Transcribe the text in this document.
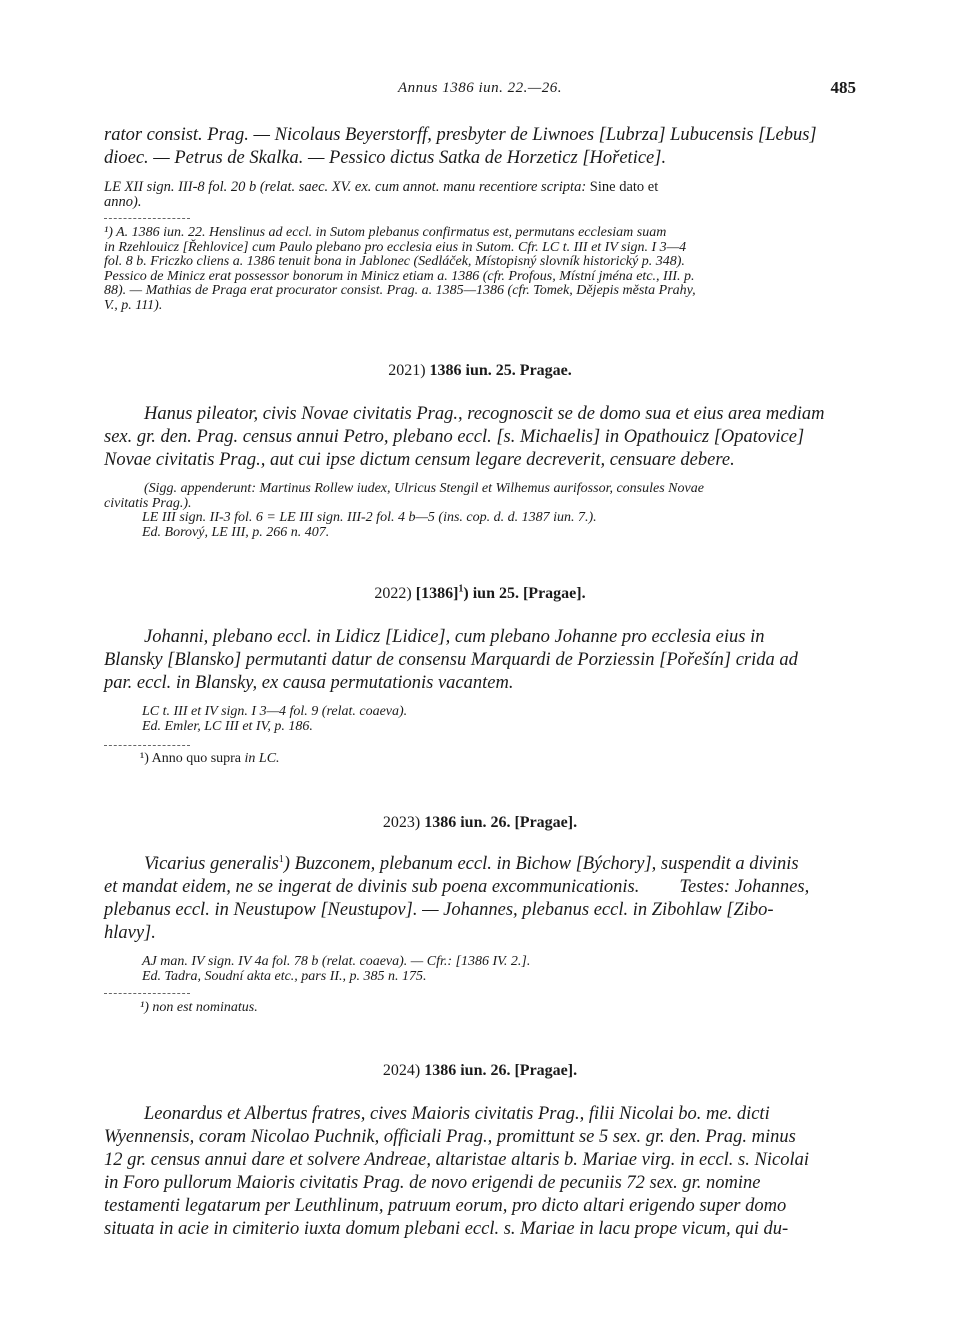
Annus 1386 iun. 22.—26.	485

rator consist. Prag. — Nicolaus Beyerstorff, presbyter de Liwnoes [Lubrza] Lubucensis [Lebus]
dioec. — Petrus de Skalka. — Pessico dictus Satka de Horzeticz [Hořetice].

LE XII sign. III-8 fol. 20 b (relat. saec. XV. ex. cum annot. manu recentiore scripta: Sine dato et
anno).

¹) A. 1386 iun. 22. Henslinus ad eccl. in Sutom plebanus confirmatus est, permutans ecclesiam suam
in Rzehlouicz [Řehlovice] cum Paulo plebano pro ecclesia eius in Sutom. Cfr. LC t. III et IV sign. I 3—4
fol. 8 b. Friczko cliens a. 1386 tenuit bona in Jablonec (Sedláček, Místopisný slovník historický p. 348).
Pessico de Minicz erat possessor bonorum in Minicz etiam a. 1386 (cfr. Profous, Místní jména etc., III. p.
88). — Mathias de Praga erat procurator consist. Prag. a. 1385—1386 (cfr. Tomek, Dějepis města Prahy,
V., p. 111).

2021) 1386 iun. 25. Pragae.

Hanus pileator, civis Novae civitatis Prag., recognoscit se de domo sua et eius area mediam
sex. gr. den. Prag. census annui Petro, plebano eccl. [s. Michaelis] in Opathouicz [Opatovice]
Novae civitatis Prag., aut cui ipse dictum censum legare decreverit, censuare debere.

(Sigg. appenderunt: Martinus Rollew iudex, Ulricus Stengil et Wilhemus aurifossor, consules Novae
civitatis Prag.).
LE III sign. II-3 fol. 6 = LE III sign. III-2 fol. 4 b—5 (ins. cop. d. d. 1387 iun. 7.).
Ed. Borový, LE III, p. 266 n. 407.

2022) $[1386]^1$) iun 25. [Pragae].

Johanni, plebano eccl. in Lidicz [Lidice], cum plebano Johanne pro ecclesia eius in
Blansky [Blansko] permutanti datur de consensu Marquardi de Porziessin [Pořešín] crida ad
par. eccl. in Blansky, ex causa permutationis vacantem.

LC t. III et IV sign. I 3—4 fol. 9 (relat. coaeva).
Ed. Emler, LC III et IV, p. 186.

¹) Anno quo supra in LC.

2023) 1386 iun. 26. [Pragae].

Vicarius generalis$^1$) Buzconem, plebanum eccl. in Bichow [Býchory], suspendit a divinis
et mandat eidem, ne se ingerat de divinis sub poena excommunicationis. Testes: Johannes,
plebanus eccl. in Neustupow [Neustupov]. — Johannes, plebanus eccl. in Zibohlaw [Zibo-
hlavy].

AJ man. IV sign. IV 4a fol. 78 b (relat. coaeva). — Cfr.: [1386 IV. 2.].
Ed. Tadra, Soudní akta etc., pars II., p. 385 n. 175.

¹) non est nominatus.

2024) 1386 iun. 26. [Pragae].

Leonardus et Albertus fratres, cives Maioris civitatis Prag., filii Nicolai bo. me. dicti
Wyennensis, coram Nicolao Puchnik, officiali Prag., promittunt se 5 sex. gr. den. Prag. minus
12 gr. census annui dare et solvere Andreae, altaristae altaris b. Mariae virg. in eccl. s. Nicolai
in Foro pullorum Maioris civitatis Prag. de novo erigendi de pecuniis 72 sex. gr. nomine
testamenti legatarum per Leuthlinum, patruum eorum, pro dicto altari erigendo super domo
situata in acie in cimiterio iuxta domum plebani eccl. s. Mariae in lacu prope vicum, qui du-
